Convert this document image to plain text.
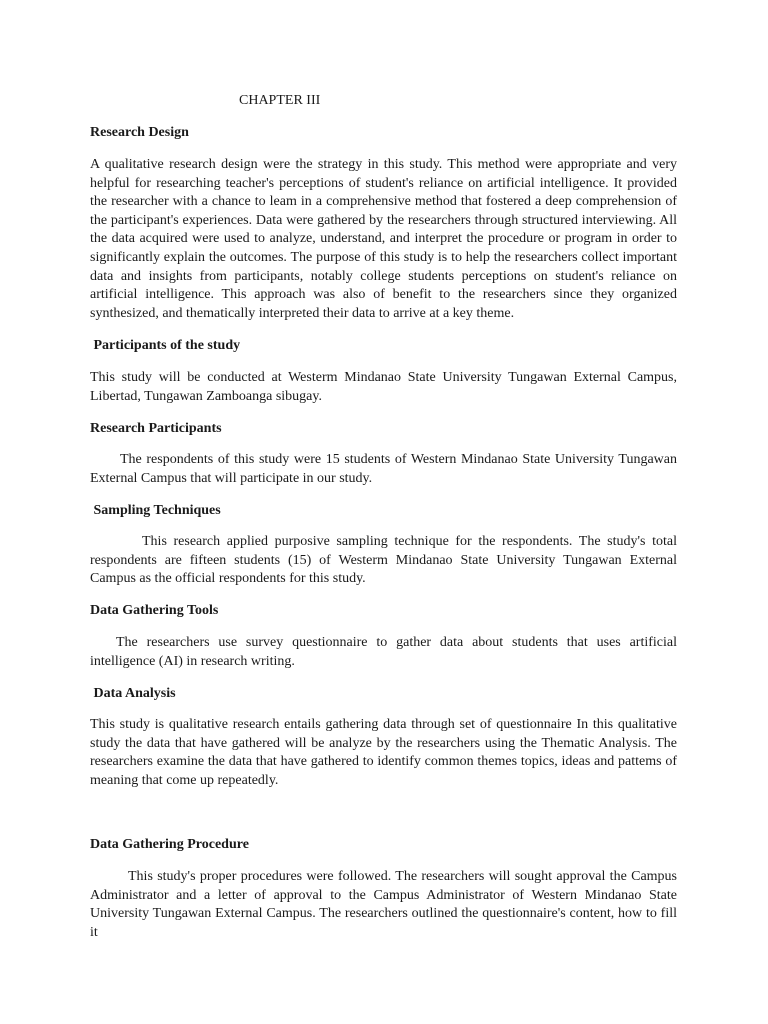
CHAPTER III
Research Design
A qualitative research design were the strategy in this study. This method were appropriate and very helpful for researching teacher's perceptions of student's reliance on artificial intelligence. It provided the researcher with a chance to leam in a comprehensive method that fostered a deep comprehension of the participant's experiences. Data were gathered by the researchers through structured interviewing. All the data acquired were used to analyze, understand, and interpret the procedure or program in order to significantly explain the outcomes. The purpose of this study is to help the researchers collect important data and insights from participants, notably college students perceptions on student's reliance on artificial intelligence. This approach was also of benefit to the researchers since they organized synthesized, and thematically interpreted their data to arrive at a key theme.
Participants of the study
This study will be conducted at Westerm Mindanao State University Tungawan External Campus, Libertad, Tungawan Zamboanga sibugay.
Research Participants
The respondents of this study were 15 students of Western Mindanao State University Tungawan External Campus that will participate in our study.
Sampling Techniques
This research applied purposive sampling technique for the respondents. The study's total respondents are fifteen students (15) of Westerm Mindanao State University Tungawan External Campus as the official respondents for this study.
Data Gathering Tools
The researchers use survey questionnaire to gather data about students that uses artificial intelligence (AI) in research writing.
Data Analysis
This study is qualitative research entails gathering data through set of questionnaire In this qualitative study the data that have gathered will be analyze by the researchers using the Thematic Analysis. The researchers examine the data that have gathered to identify common themes topics, ideas and pattems of meaning that come up repeatedly.
Data Gathering Procedure
This study's proper procedures were followed. The researchers will sought approval the Campus Administrator and a letter of approval to the Campus Administrator of Western Mindanao State University Tungawan External Campus. The researchers outlined the questionnaire's content, how to fill it
